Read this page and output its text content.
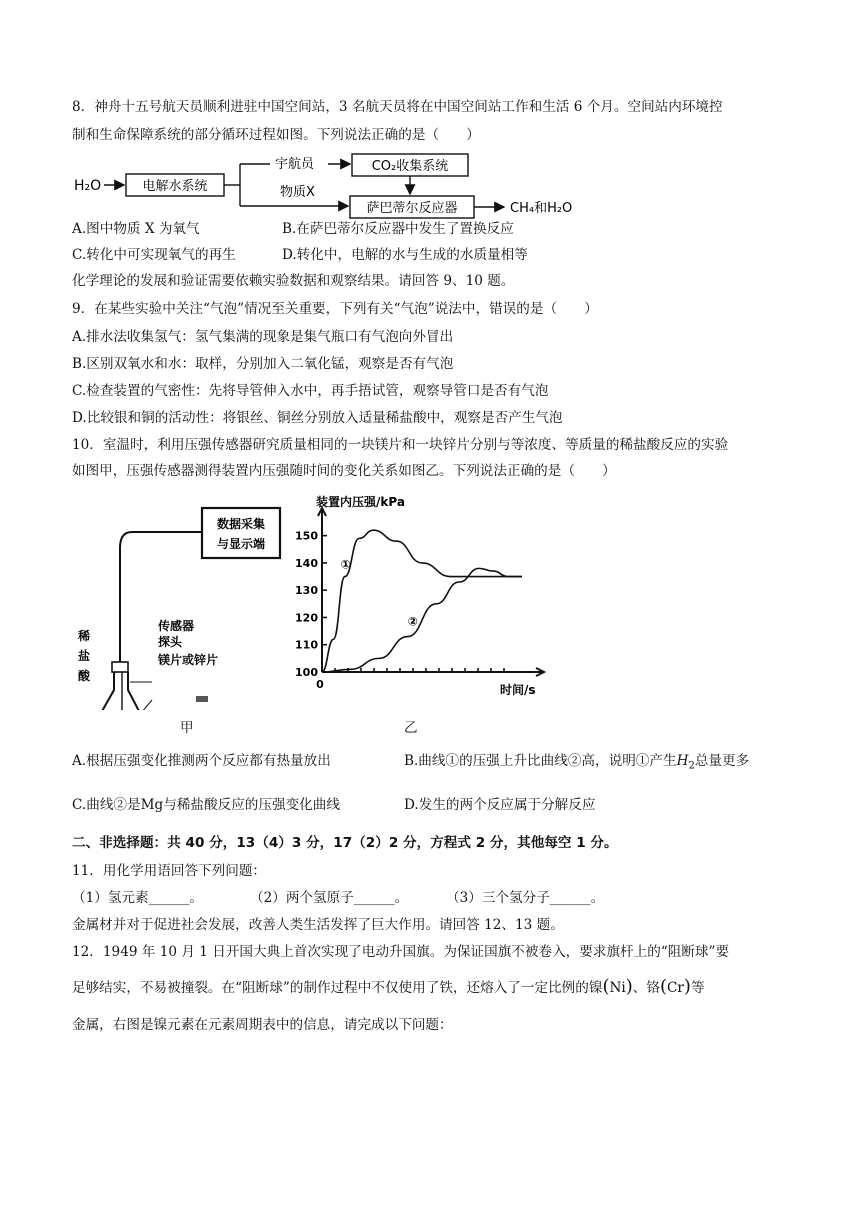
8．神舟十五号航天员顺利进驻中国空间站，3 名航天员将在中国空间站工作和生活 6 个月。空间站内环境控
制和生命保障系统的部分循环过程如图。下列说法正确的是（　　）
H₂O	电解水系统
宇航员	CO₂收集系统
物质X
萨巴蒂尔反应器	CH₄和H₂O
A.图中物质 X 为氧气	B.在萨巴蒂尔反应器中发生了置换反应
C.转化中可实现氧气的再生	D.转化中，电解的水与生成的水质量相等
化学理论的发展和验证需要依赖实验数据和观察结果。请回答 9、10 题。
9．在某些实验中关注“气泡”情况至关重要，下列有关“气泡”说法中，错误的是（　　）
A.排水法收集氢气：氢气集满的现象是集气瓶口有气泡向外冒出
B.区别双氧水和水：取样，分别加入二氧化锰，观察是否有气泡
C.检查装置的气密性：先将导管伸入水中，再手捂试管，观察导管口是否有气泡
D.比较银和铜的活动性：将银丝、铜丝分别放入适量稀盐酸中，观察是否产生气泡
10．室温时，利用压强传感器研究质量相同的一块镁片和一块锌片分别与等浓度、等质量的稀盐酸反应的实验
如图甲，压强传感器测得装置内压强随时间的变化关系如图乙。下列说法正确的是（　　）
数据采集
与显示端
传感器
探头
镁片或锌片
稀
盐
酸
装置内压强/kPa
时间/s
100
110
120
130
140
150
0
①
②
甲	乙
A.根据压强变化推测两个反应都有热量放出	B.曲线①的压强上升比曲线②高，说明①产生$H_2$总量更多
C.曲线②是Mg与稀盐酸反应的压强变化曲线	D.发生的两个反应属于分解反应
二、非选择题：共 40 分，13（4）3 分，17（2）2 分，方程式 2 分，其他每空 1 分。
11．用化学用语回答下列问题：
（1）氢元素______。	（2）两个氢原子______。	（3）三个氢分子______。
金属材并对于促进社会发展，改善人类生活发挥了巨大作用。请回答 12、13 题。
12．1949 年 10 月 1 日开国大典上首次实现了电动升国旗。为保证国旗不被卷入，要求旗杆上的“阻断球”要
足够结实，不易被撞裂。在“阻断球”的制作过程中不仅使用了铁，还熔入了一定比例的镍(Ni)、铬(Cr)等
金属，右图是镍元素在元素周期表中的信息，请完成以下问题：
